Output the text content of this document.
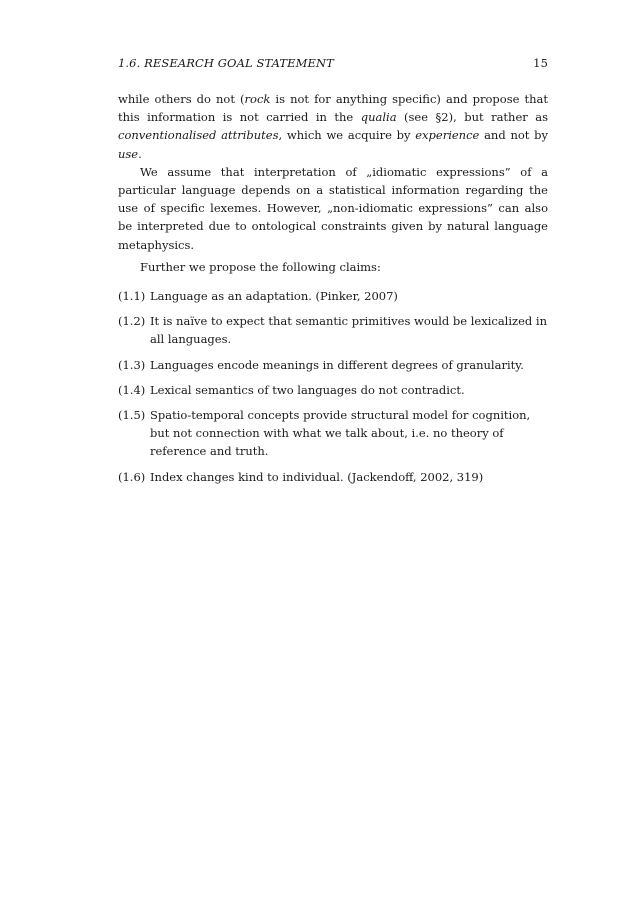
1.6. RESEARCH GOAL STATEMENT	15

while others do not (rock is not for anything specific) and propose that this information is not carried in the qualia (see §2), but rather as conventionalised attributes, which we acquire by experience and not by use.

We assume that interpretation of „idiomatic expressions” of a particular language depends on a statistical information regarding the use of specific lexemes. However, „non-idiomatic expressions” can also be interpreted due to ontological constraints given by natural language metaphysics.

Further we propose the following claims:

(1.1) Language as an adaptation. (Pinker, 2007)
(1.2) It is naïve to expect that semantic primitives would be lexicalized in all languages.
(1.3) Languages encode meanings in different degrees of granularity.
(1.4) Lexical semantics of two languages do not contradict.
(1.5) Spatio-temporal concepts provide structural model for cognition, but not connection with what we talk about, i.e. no theory of reference and truth.
(1.6) Index changes kind to individual. (Jackendoff, 2002, 319)
